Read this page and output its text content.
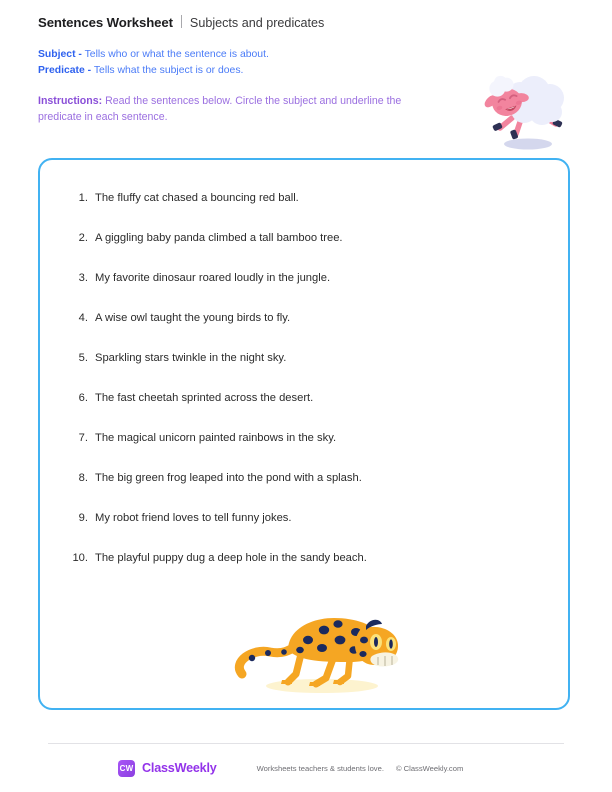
Sentences Worksheet Subjects and predicates
Subject - Tells who or what the sentence is about.
Predicate - Tells what the subject is or does.
Instructions: Read the sentences below. Circle the subject and underline the predicate in each sentence.
1. The fluffy cat chased a bouncing red ball.
2. A giggling baby panda climbed a tall bamboo tree.
3. My favorite dinosaur roared loudly in the jungle.
4. A wise owl taught the young birds to fly.
5. Sparkling stars twinkle in the night sky.
6. The fast cheetah sprinted across the desert.
7. The magical unicorn painted rainbows in the sky.
8. The big green frog leaped into the pond with a splash.
9. My robot friend loves to tell funny jokes.
10. The playful puppy dug a deep hole in the sandy beach.
CW ClassWeekly	Worksheets teachers & students love. © ClassWeekly.com
